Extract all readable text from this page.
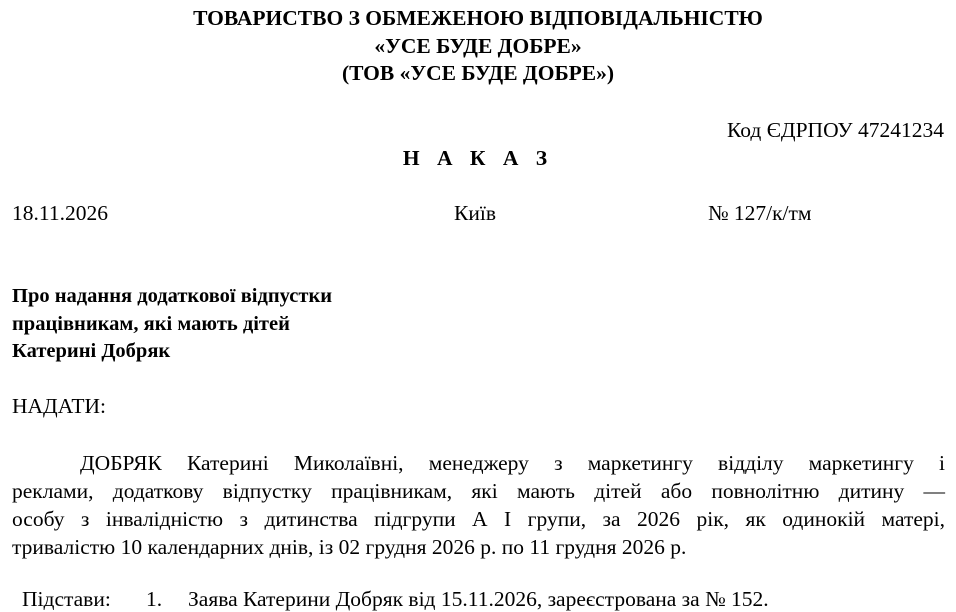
ТОВАРИСТВО З ОБМЕЖЕНОЮ ВІДПОВІДАЛЬНІСТЮ
«УСЕ БУДЕ ДОБРЕ»
(ТОВ «УСЕ БУДЕ ДОБРЕ»)
Код ЄДРПОУ 47241234
Н А К А З
18.11.2026	Київ	№ 127/к/тм
Про надання додаткової відпустки
працівникам, які мають дітей
Катерині Добряк
НАДАТИ:
ДОБРЯК Катерині Миколаївні, менеджеру з маркетингу відділу маркетингу і
реклами, додаткову відпустку працівникам, які мають дітей або повнолітню дитину —
особу з інвалідністю з дитинства підгрупи А І групи, за 2026 рік, як одинокій матері,
тривалістю 10 календарних днів, із 02 грудня 2026 р. по 11 грудня 2026 р.
Підстави: 1. Заява Катерини Добряк від 15.11.2026, зареєстрована за № 152.
